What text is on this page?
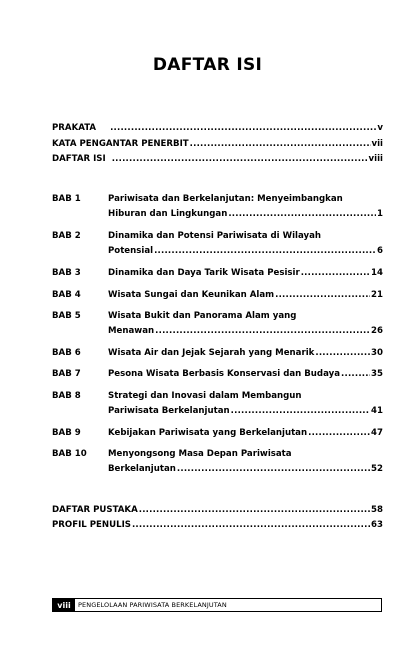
DAFTAR ISI
PRAKATA .....	v
KATA PENGANTAR PENERBIT .....	vii
DAFTAR ISI .....	viii
BAB 1	Pariwisata dan Berkelanjutan: Menyeimbangkan
Hiburan dan Lingkungan .....	1
BAB 2	Dinamika dan Potensi Pariwisata di Wilayah
Potensial .....	6
BAB 3	Dinamika dan Daya Tarik Wisata Pesisir .....	14
BAB 4	Wisata Sungai dan Keunikan Alam .....	21
BAB 5	Wisata Bukit dan Panorama Alam yang
Menawan .....	26
BAB 6	Wisata Air dan Jejak Sejarah yang Menarik .....	30
BAB 7	Pesona Wisata Berbasis Konservasi dan Budaya .....	35
BAB 8	Strategi dan Inovasi dalam Membangun
Pariwisata Berkelanjutan .....	41
BAB 9	Kebijakan Pariwisata yang Berkelanjutan .....	47
BAB 10 Menyongsong Masa Depan Pariwisata
Berkelanjutan .....	52
DAFTAR PUSTAKA .....	58
PROFIL PENULIS .....	63
viii	PENGELOLAAN PARIWISATA BERKELANJUTAN
